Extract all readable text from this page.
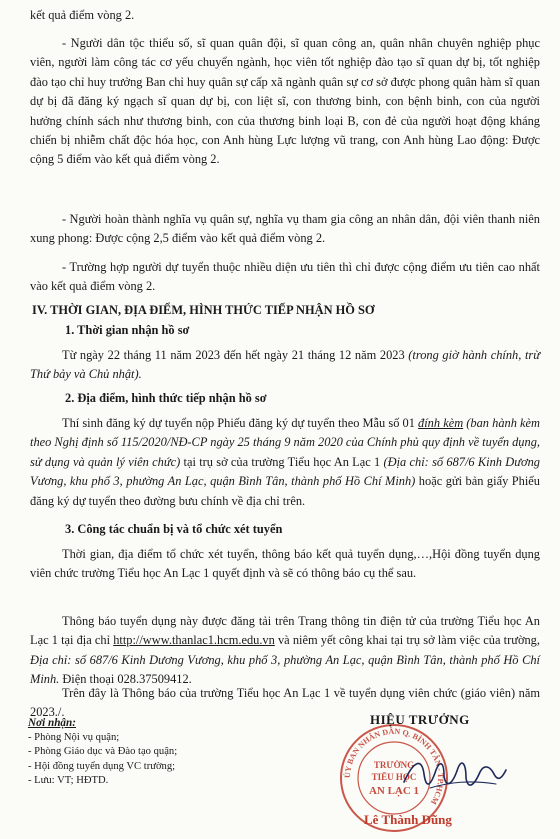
kết quả điểm vòng 2.

- Người dân tộc thiểu số, sĩ quan quân đội, sĩ quan công an, quân nhân chuyên nghiệp phục viên, người làm công tác cơ yếu chuyển ngành, học viên tốt nghiệp đào tạo sĩ quan dự bị, tốt nghiệp đào tạo chỉ huy trưởng Ban chỉ huy quân sự cấp xã ngành quân sự cơ sở được phong quân hàm sĩ quan dự bị đã đăng ký ngạch sĩ quan dự bị, con liệt sĩ, con thương binh, con bệnh binh, con của người hưởng chính sách như thương binh, con của thương binh loại B, con đẻ của người hoạt động kháng chiến bị nhiễm chất độc hóa học, con Anh hùng Lực lượng vũ trang, con Anh hùng Lao động: Được cộng 5 điểm vào kết quả điểm vòng 2.

- Người hoàn thành nghĩa vụ quân sự, nghĩa vụ tham gia công an nhân dân, đội viên thanh niên xung phong: Được cộng 2,5 điểm vào kết quả điểm vòng 2.

- Trường hợp người dự tuyển thuộc nhiều diện ưu tiên thì chỉ được cộng điểm ưu tiên cao nhất vào kết quả điểm vòng 2.

IV. THỜI GIAN, ĐỊA ĐIỂM, HÌNH THỨC TIẾP NHẬN HỒ SƠ

1. Thời gian nhận hồ sơ

Từ ngày 22 tháng 11 năm 2023 đến hết ngày 21 tháng 12 năm 2023 (trong giờ hành chính, trừ Thứ bảy và Chủ nhật).

2. Địa điểm, hình thức tiếp nhận hồ sơ

Thí sinh đăng ký dự tuyển nộp Phiếu đăng ký dự tuyển theo Mẫu số 01 đính kèm (ban hành kèm theo Nghị định số 115/2020/NĐ-CP ngày 25 tháng 9 năm 2020 của Chính phủ quy định về tuyển dụng, sử dụng và quản lý viên chức) tại trụ sở của trường Tiểu học An Lạc 1 (Địa chỉ: số 687/6 Kinh Dương Vương, khu phố 3, phường An Lạc, quận Bình Tân, thành phố Hồ Chí Minh) hoặc gửi bản giấy Phiếu đăng ký dự tuyển theo đường bưu chính về địa chỉ trên.

3. Công tác chuẩn bị và tổ chức xét tuyển

Thời gian, địa điểm tổ chức xét tuyển, thông báo kết quả tuyển dụng,…,Hội đồng tuyển dụng viên chức trường Tiểu học An Lạc 1 quyết định và sẽ có thông báo cụ thể sau.

Thông báo tuyển dụng này được đăng tải trên Trang thông tin điện tử của trường Tiểu học An Lạc 1 tại địa chỉ http://www.thanlac1.hcm.edu.vn và niêm yết công khai tại trụ sở làm việc của trường, Địa chỉ: số 687/6 Kinh Dương Vương, khu phố 3, phường An Lạc, quận Bình Tân, thành phố Hồ Chí Minh. Điện thoại 028.37509412.

Trên đây là Thông báo của trường Tiểu học An Lạc 1 về tuyển dụng viên chức (giáo viên) năm 2023./.

Nơi nhận:
- Phòng Nội vụ quận;
- Phòng Giáo dục và Đào tạo quận;
- Hội đồng tuyển dụng VC trường;
- Lưu: VT; HĐTD.
ỦY BAN NHÂN DÂN Q. BÌNH TÂN - TP.HCM
TRƯỜNG
TIỂU HỌC
AN LẠC 1
HIỆU TRƯỞNG
Lê Thành Dũng
